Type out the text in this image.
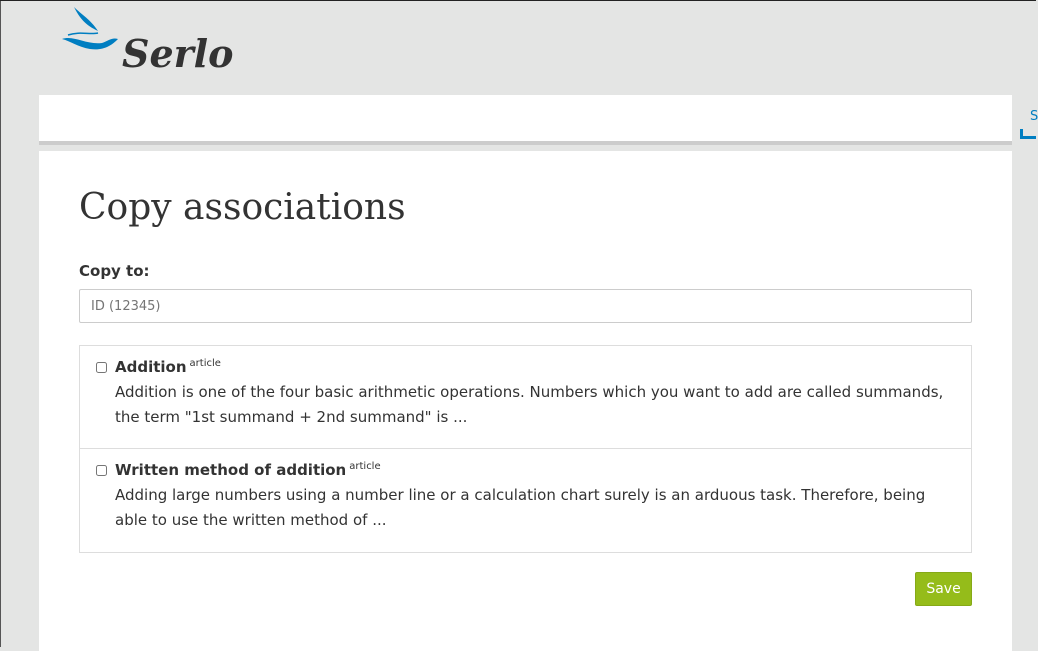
Serlo
S
Copy associations
Copy to:
ID (12345)
Addition $^{article}$
Addition is one of the four basic arithmetic operations. Numbers which you want to add are called summands, the term "1st summand + 2nd summand" is ...
Written method of addition $^{article}$
Adding large numbers using a number line or a calculation chart surely is an arduous task. Therefore, being able to use the written method of ...
Save
